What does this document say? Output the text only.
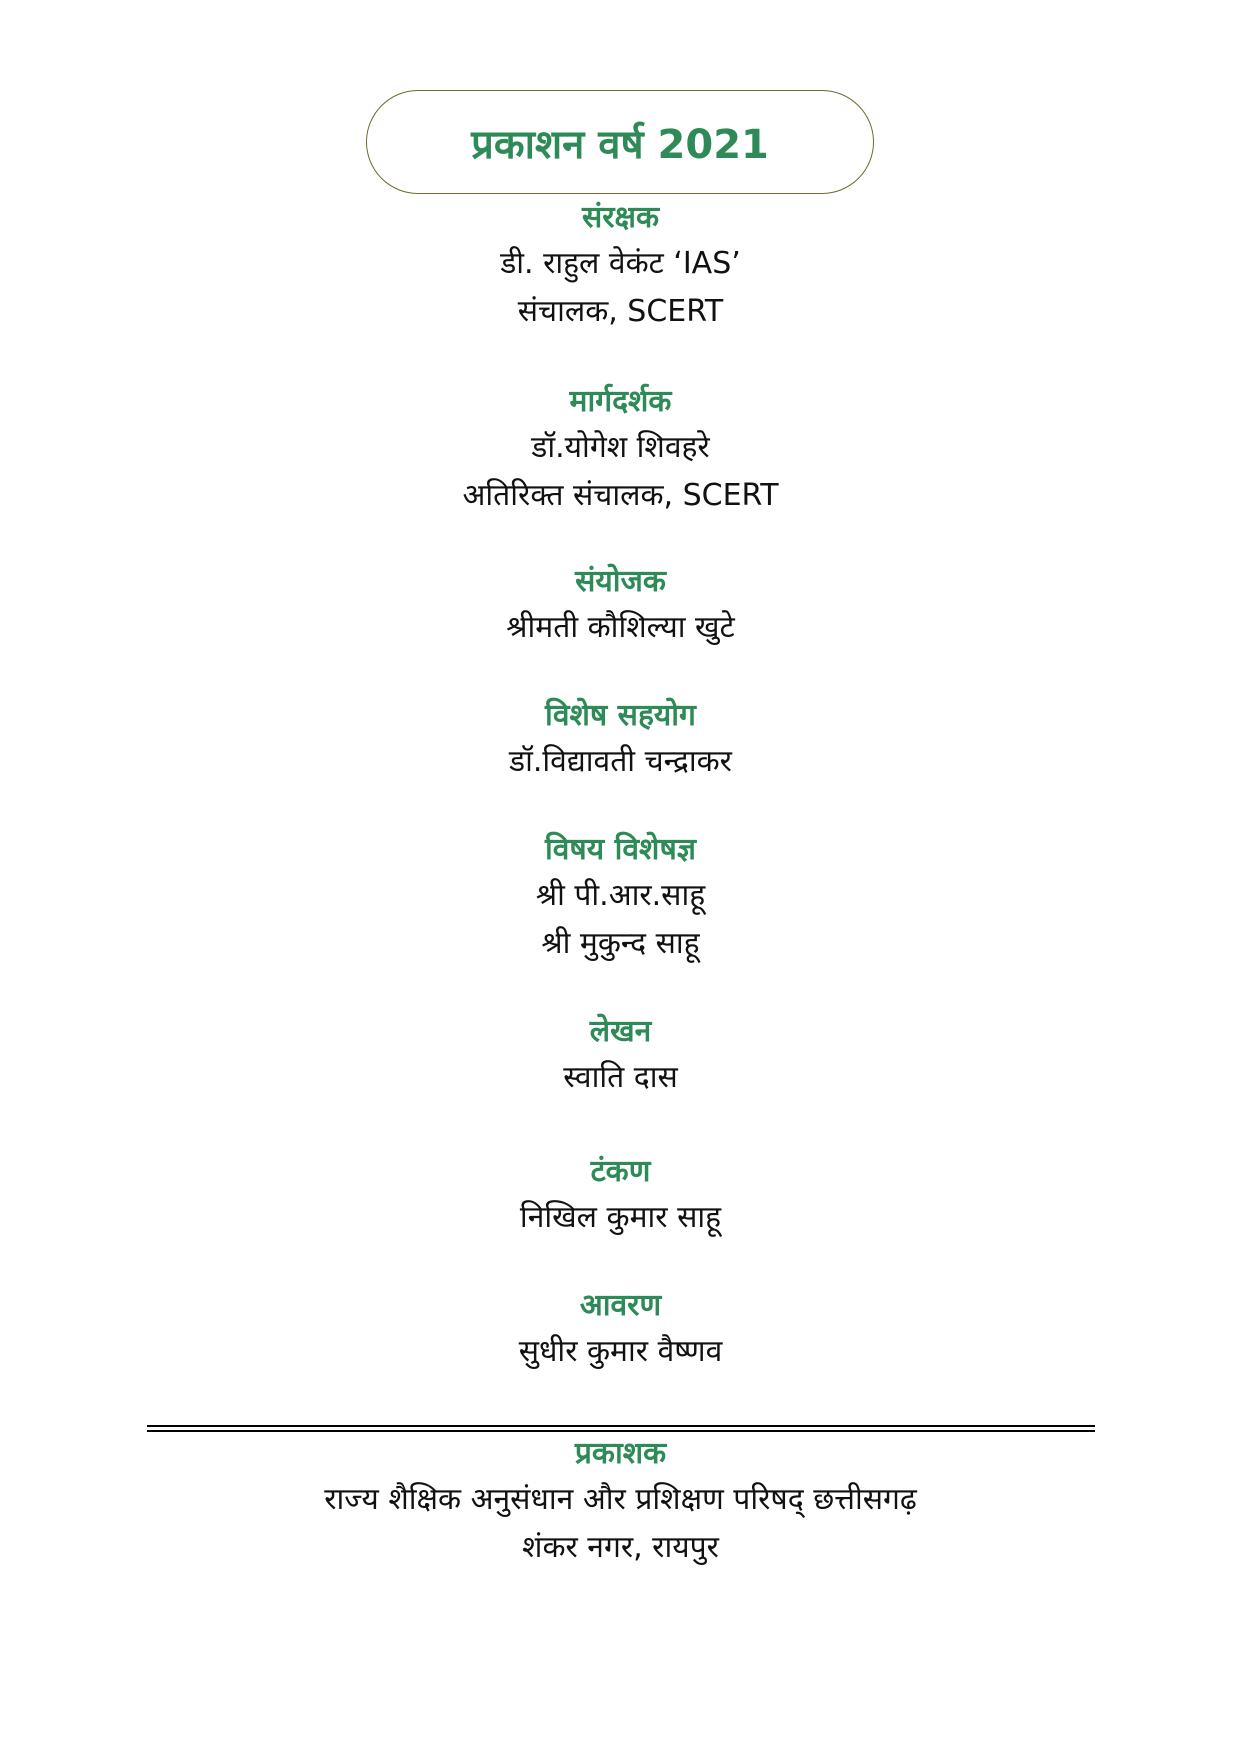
प्रकाशन वर्ष 2021
संरक्षक
डी. राहुल वेकंट ‘IAS’
संचालक, SCERT
मार्गदर्शक
डॉ.योगेश शिवहरे
अतिरिक्त संचालक, SCERT
संयोजक
श्रीमती कौशिल्या खुटे
विशेष सहयोग
डॉ.विद्यावती चन्द्राकर
विषय विशेषज्ञ
श्री पी.आर.साहू
श्री मुकुन्द साहू
लेखन
स्वाति दास
टंकण
निखिल कुमार साहू
आवरण
सुधीर कुमार वैष्णव
प्रकाशक
राज्य शैक्षिक अनुसंधान और प्रशिक्षण परिषद् छत्तीसगढ़
शंकर नगर, रायपुर
